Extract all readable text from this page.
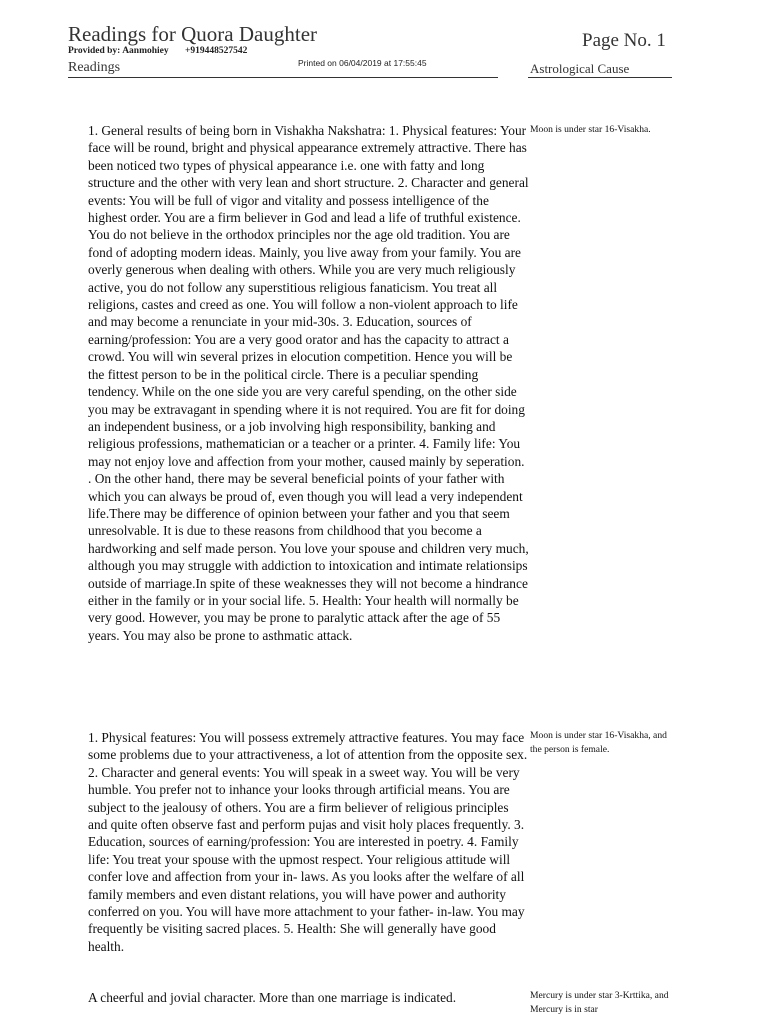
Readings for Quora Daughter
Provided by: Aanmohiey +919448527542
Readings	Printed on 06/04/2019 at 17:55:45
Page No. 1
Astrological Cause
1. General results of being born in Vishakha Nakshatra: 1. Physical features: Your face will be round, bright and physical appearance extremely attractive. There has been noticed two types of physical appearance i.e. one with fatty and long structure and the other with very lean and short structure. 2. Character and general events: You will be full of vigor and vitality and possess intelligence of the highest order. You are a firm believer in God and lead a life of truthful existence. You do not believe in the orthodox principles nor the age old tradition. You are fond of adopting modern ideas. Mainly, you live away from your family. You are overly generous when dealing with others. While you are very much religiously active, you do not follow any superstitious religious fanaticism. You treat all religions, castes and creed as one. You will follow a non-violent approach to life and may become a renunciate in your mid-30s. 3. Education, sources of earning/profession: You are a very good orator and has the capacity to attract a crowd. You will win several prizes in elocution competition. Hence you will be the fittest person to be in the political circle. There is a peculiar spending tendency. While on the one side you are very careful spending, on the other side you may be extravagant in spending where it is not required. You are fit for doing an independent business, or a job involving high responsibility, banking and religious professions, mathematician or a teacher or a printer. 4. Family life: You may not enjoy love and affection from your mother, caused mainly by seperation. . On the other hand, there may be several beneficial points of your father with which you can always be proud of, even though you will lead a very independent life.There may be difference of opinion between your father and you that seem unresolvable. It is due to these reasons from childhood that you become a hardworking and self made person. You love your spouse and children very much, although you may struggle with addiction to intoxication and intimate relationsips outside of marriage.In spite of these weaknesses they will not become a hindrance either in the family or in your social life. 5. Health: Your health will normally be very good. However, you may be prone to paralytic attack after the age of 55 years. You may also be prone to asthmatic attack.
Moon is under star 16-Visakha.
1. Physical features: You will possess extremely attractive features. You may face some problems due to your attractiveness, a lot of attention from the opposite sex. 2. Character and general events: You will speak in a sweet way. You will be very humble. You prefer not to inhance your looks through artificial means. You are subject to the jealousy of others. You are a firm believer of religious principles and quite often observe fast and perform pujas and visit holy places frequently. 3. Education, sources of earning/profession: You are interested in poetry. 4. Family life: You treat your spouse with the upmost respect. Your religious attitude will confer love and affection from your in- laws. As you looks after the welfare of all family members and even distant relations, you will have power and authority conferred on you. You will have more attachment to your father- in-law. You may frequently be visiting sacred places. 5. Health: She will generally have good health.
Moon is under star 16-Visakha, and the person is female.
A cheerful and jovial character. More than one marriage is indicated.	Mercury is under star 3-Krttika, and Mercury is in star
